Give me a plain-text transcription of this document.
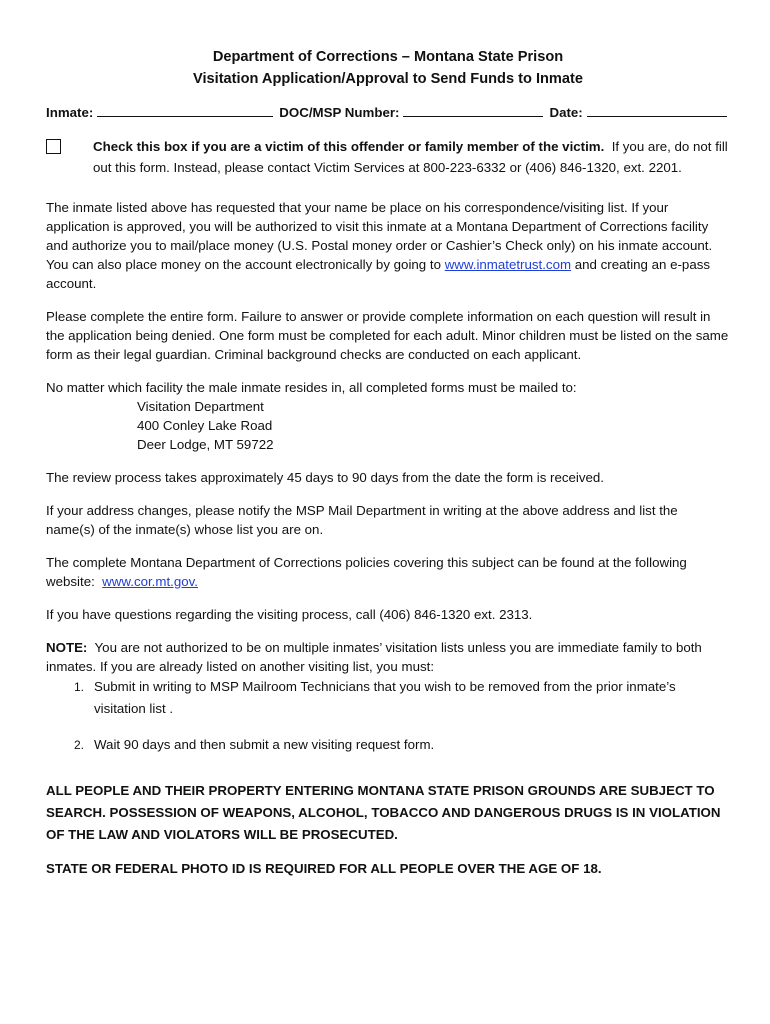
Department of Corrections – Montana State Prison
Visitation Application/Approval to Send Funds to Inmate
Inmate:	DOC/MSP Number:	Date:
Check this box if you are a victim of this offender or family member of the victim. If you are, do not fill out this form. Instead, please contact Victim Services at 800-223-6332 or (406) 846-1320, ext. 2201.

The inmate listed above has requested that your name be place on his correspondence/visiting list. If your application is approved, you will be authorized to visit this inmate at a Montana Department of Corrections facility and authorize you to mail/place money (U.S. Postal money order or Cashier’s Check only) on his inmate account. You can also place money on the account electronically by going to www.inmatetrust.com and creating an e-pass account.

Please complete the entire form. Failure to answer or provide complete information on each question will result in the application being denied. One form must be completed for each adult. Minor children must be listed on the same form as their legal guardian. Criminal background checks are conducted on each applicant.

No matter which facility the male inmate resides in, all completed forms must be mailed to:

Visitation Department
400 Conley Lake Road
Deer Lodge, MT 59722

The review process takes approximately 45 days to 90 days from the date the form is received.

If your address changes, please notify the MSP Mail Department in writing at the above address and list the name(s) of the inmate(s) whose list you are on.

The complete Montana Department of Corrections policies covering this subject can be found at the following website: www.cor.mt.gov.

If you have questions regarding the visiting process, call (406) 846-1320 ext. 2313.

NOTE: You are not authorized to be on multiple inmates’ visitation lists unless you are immediate family to both inmates. If you are already listed on another visiting list, you must:

1. Submit in writing to MSP Mailroom Technicians that you wish to be removed from the prior inmate’s visitation list .
2. Wait 90 days and then submit a new visiting request form.

ALL PEOPLE AND THEIR PROPERTY ENTERING MONTANA STATE PRISON GROUNDS ARE SUBJECT TO SEARCH. POSSESSION OF WEAPONS, ALCOHOL, TOBACCO AND DANGEROUS DRUGS IS IN VIOLATION OF THE LAW AND VIOLATORS WILL BE PROSECUTED.

STATE OR FEDERAL PHOTO ID IS REQUIRED FOR ALL PEOPLE OVER THE AGE OF 18.
